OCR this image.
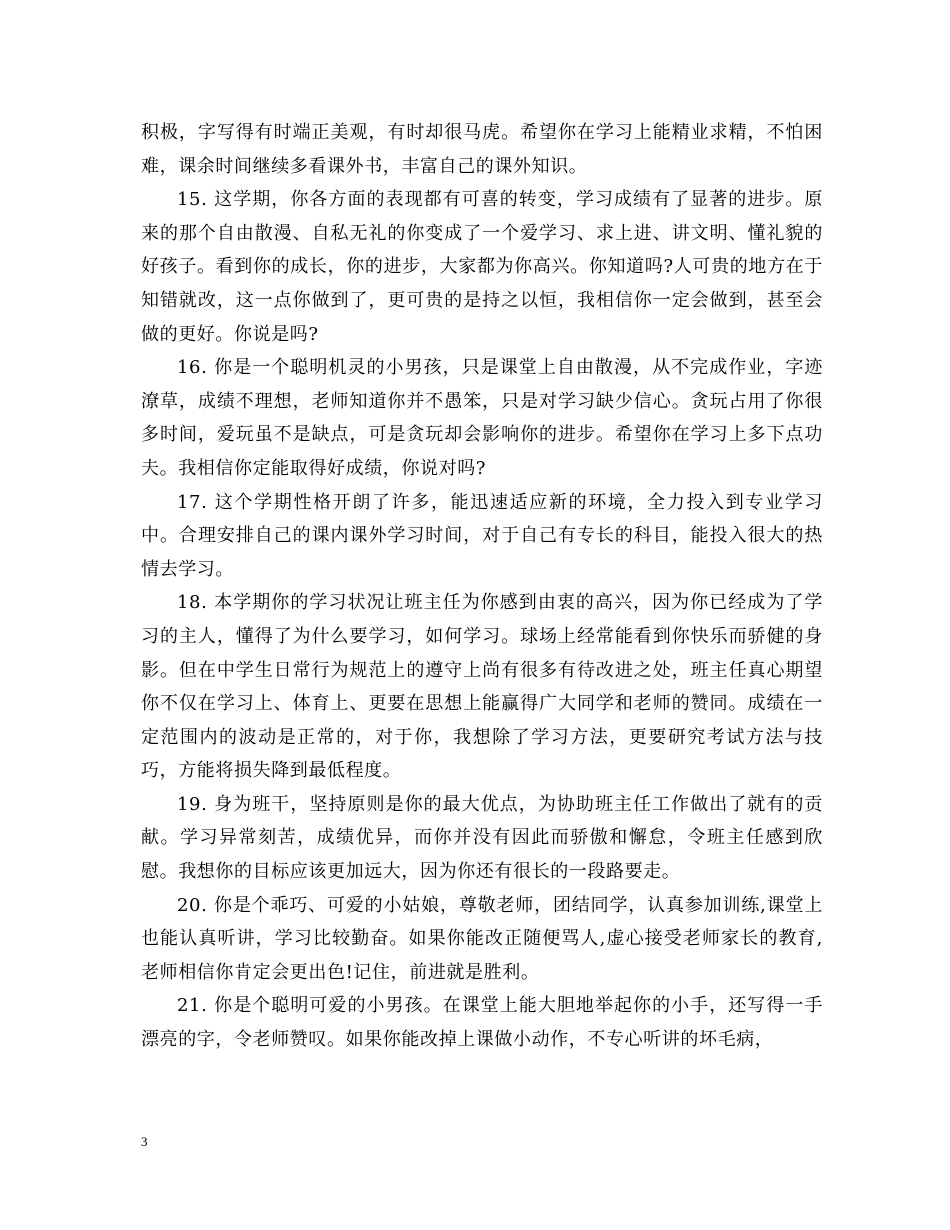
积极，字写得有时端正美观，有时却很马虎。希望你在学习上能精业求精，不怕困难，课余时间继续多看课外书，丰富自己的课外知识。

15. 这学期，你各方面的表现都有可喜的转变，学习成绩有了显著的进步。原来的那个自由散漫、自私无礼的你变成了一个爱学习、求上进、讲文明、懂礼貌的好孩子。看到你的成长，你的进步，大家都为你高兴。你知道吗?人可贵的地方在于知错就改，这一点你做到了，更可贵的是持之以恒，我相信你一定会做到，甚至会做的更好。你说是吗?

16. 你是一个聪明机灵的小男孩，只是课堂上自由散漫，从不完成作业，字迹潦草，成绩不理想，老师知道你并不愚笨，只是对学习缺少信心。贪玩占用了你很多时间，爱玩虽不是缺点，可是贪玩却会影响你的进步。希望你在学习上多下点功夫。我相信你定能取得好成绩，你说对吗?

17. 这个学期性格开朗了许多，能迅速适应新的环境，全力投入到专业学习中。合理安排自己的课内课外学习时间，对于自己有专长的科目，能投入很大的热情去学习。

18. 本学期你的学习状况让班主任为你感到由衷的高兴，因为你已经成为了学习的主人，懂得了为什么要学习，如何学习。球场上经常能看到你快乐而骄健的身影。但在中学生日常行为规范上的遵守上尚有很多有待改进之处，班主任真心期望你不仅在学习上、体育上、更要在思想上能赢得广大同学和老师的赞同。成绩在一定范围内的波动是正常的，对于你，我想除了学习方法，更要研究考试方法与技巧，方能将损失降到最低程度。

19. 身为班干，坚持原则是你的最大优点，为协助班主任工作做出了就有的贡献。学习异常刻苦，成绩优异，而你并没有因此而骄傲和懈怠，令班主任感到欣慰。我想你的目标应该更加远大，因为你还有很长的一段路要走。

20. 你是个乖巧、可爱的小姑娘，尊敬老师，团结同学，认真参加训练,课堂上也能认真听讲，学习比较勤奋。如果你能改正随便骂人,虚心接受老师家长的教育,老师相信你肯定会更出色!记住，前进就是胜利。

21. 你是个聪明可爱的小男孩。在课堂上能大胆地举起你的小手，还写得一手漂亮的字，令老师赞叹。如果你能改掉上课做小动作，不专心听讲的坏毛病，

3
